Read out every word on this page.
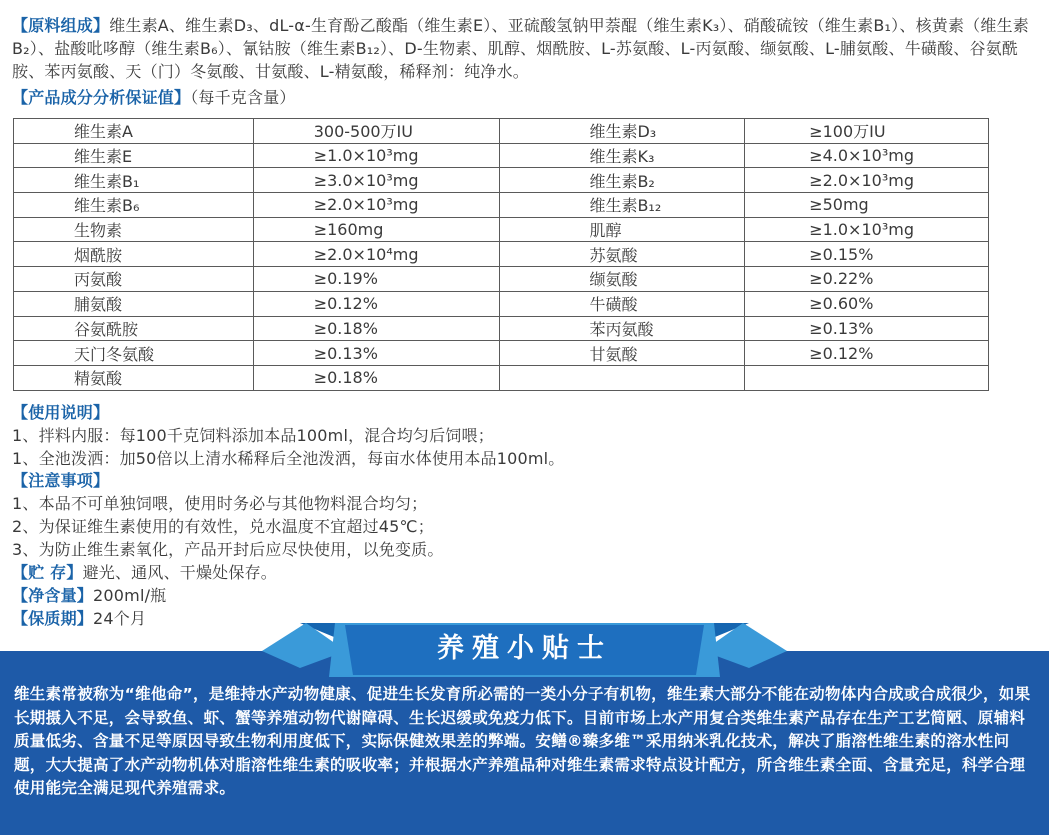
【原料组成】维生素A、维生素D₃、dL-α-生育酚乙酸酯（维生素E）、亚硫酸氢钠甲萘醌（维生素K₃）、硝酸硫铵（维生素B₁）、核黄素（维生素B₂）、盐酸吡哆醇（维生素B₆）、氰钴胺（维生素B₁₂）、D-生物素、肌醇、烟酰胺、L-苏氨酸、L-丙氨酸、缬氨酸、L-脯氨酸、牛磺酸、谷氨酰胺、苯丙氨酸、天（门）冬氨酸、甘氨酸、L-精氨酸，稀释剂：纯净水。
【产品成分分析保证值】（每千克含量）
维生素A	300-500万IU	维生素D₃	≥100万IU
维生素E	≥1.0×10³mg	维生素K₃	≥4.0×10³mg
维生素B₁	≥3.0×10³mg	维生素B₂	≥2.0×10³mg
维生素B₆	≥2.0×10³mg	维生素B₁₂	≥50mg
生物素	≥160mg	肌醇	≥1.0×10³mg
烟酰胺	≥2.0×10⁴mg	苏氨酸	≥0.15%
丙氨酸	≥0.19%	缬氨酸	≥0.22%
脯氨酸	≥0.12%	牛磺酸	≥0.60%
谷氨酰胺	≥0.18%	苯丙氨酸	≥0.13%
天门冬氨酸	≥0.13%	甘氨酸	≥0.12%
精氨酸	≥0.18%		
【使用说明】
1、拌料内服：每100千克饲料添加本品100ml，混合均匀后饲喂；
1、全池泼洒：加50倍以上清水稀释后全池泼洒，每亩水体使用本品100ml。
【注意事项】
1、本品不可单独饲喂，使用时务必与其他物料混合均匀；
2、为保证维生素使用的有效性，兑水温度不宜超过45℃；
3、为防止维生素氧化，产品开封后应尽快使用，以免变质。
【贮 存】避光、通风、干燥处保存。
【净含量】200ml/瓶
【保质期】24个月
养殖小贴士
维生素常被称为“维他命”，是维持水产动物健康、促进生长发育所必需的一类小分子有机物，维生素大部分不能在动物体内合成或合成很少，如果长期摄入不足，会导致鱼、虾、蟹等养殖动物代谢障碍、生长迟缓或免疫力低下。目前市场上水产用复合类维生素产品存在生产工艺简陋、原辅料质量低劣、含量不足等原因导致生物利用度低下，实际保健效果差的弊端。安鳝®臻多维™采用纳米乳化技术，解决了脂溶性维生素的溶水性问题，大大提高了水产动物机体对脂溶性维生素的吸收率；并根据水产养殖品种对维生素需求特点设计配方，所含维生素全面、含量充足，科学合理使用能完全满足现代养殖需求。
